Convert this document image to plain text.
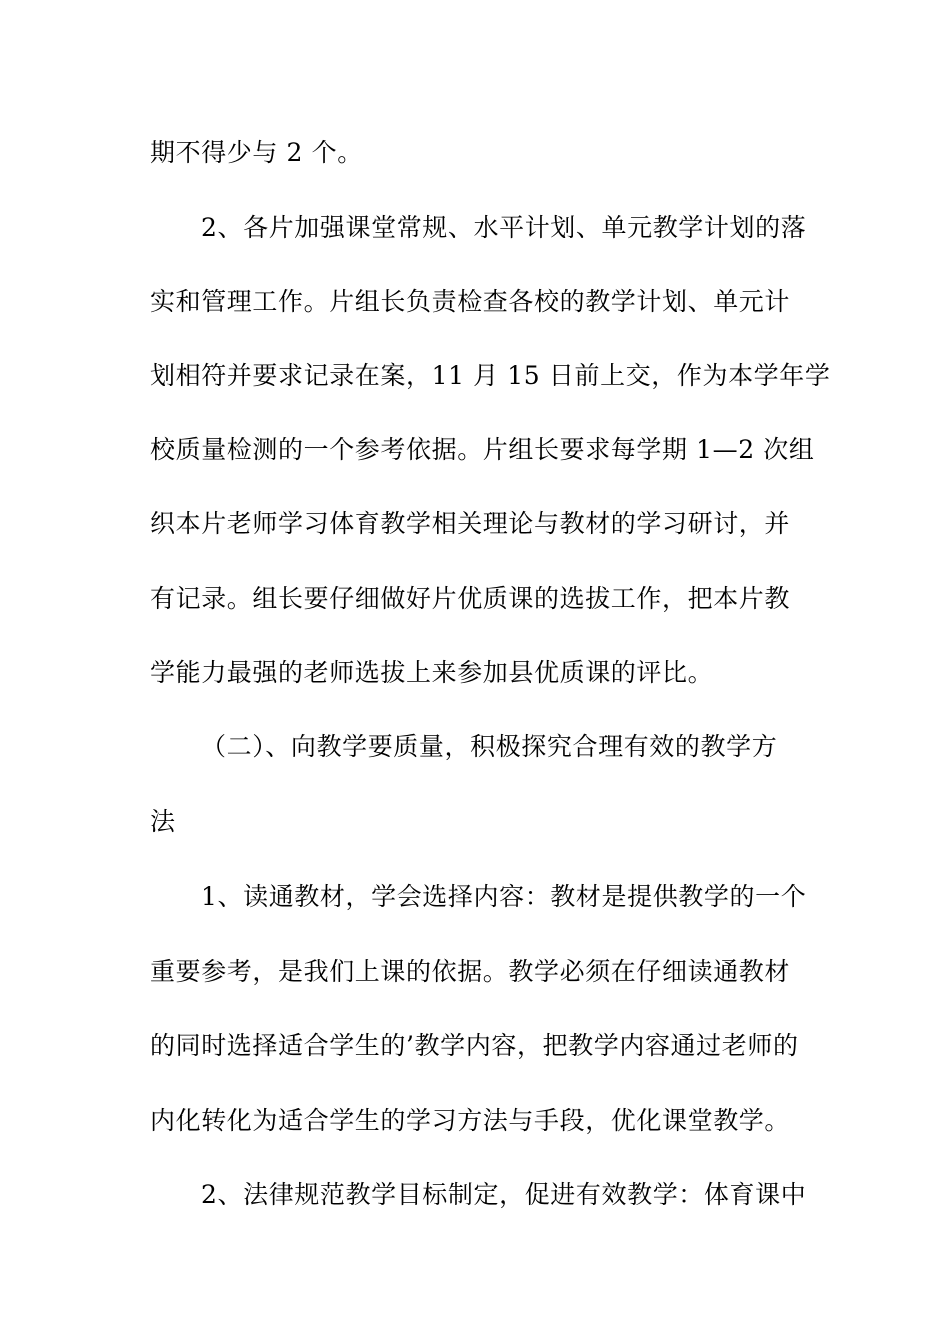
期不得少与 2 个。
2、各片加强课堂常规、水平计划、单元教学计划的落
实和管理工作。片组长负责检查各校的教学计划、单元计
划相符并要求记录在案，11 月 15 日前上交，作为本学年学
校质量检测的一个参考依据。片组长要求每学期 1—2 次组
织本片老师学习体育教学相关理论与教材的学习研讨，并
有记录。组长要仔细做好片优质课的选拔工作，把本片教
学能力最强的老师选拔上来参加县优质课的评比。
（二）、向教学要质量，积极探究合理有效的教学方
法
1、读通教材，学会选择内容：教材是提供教学的一个
重要参考，是我们上课的依据。教学必须在仔细读通教材
的同时选择适合学生的’教学内容，把教学内容通过老师的
内化转化为适合学生的学习方法与手段，优化课堂教学。
2、法律规范教学目标制定，促进有效教学：体育课中
